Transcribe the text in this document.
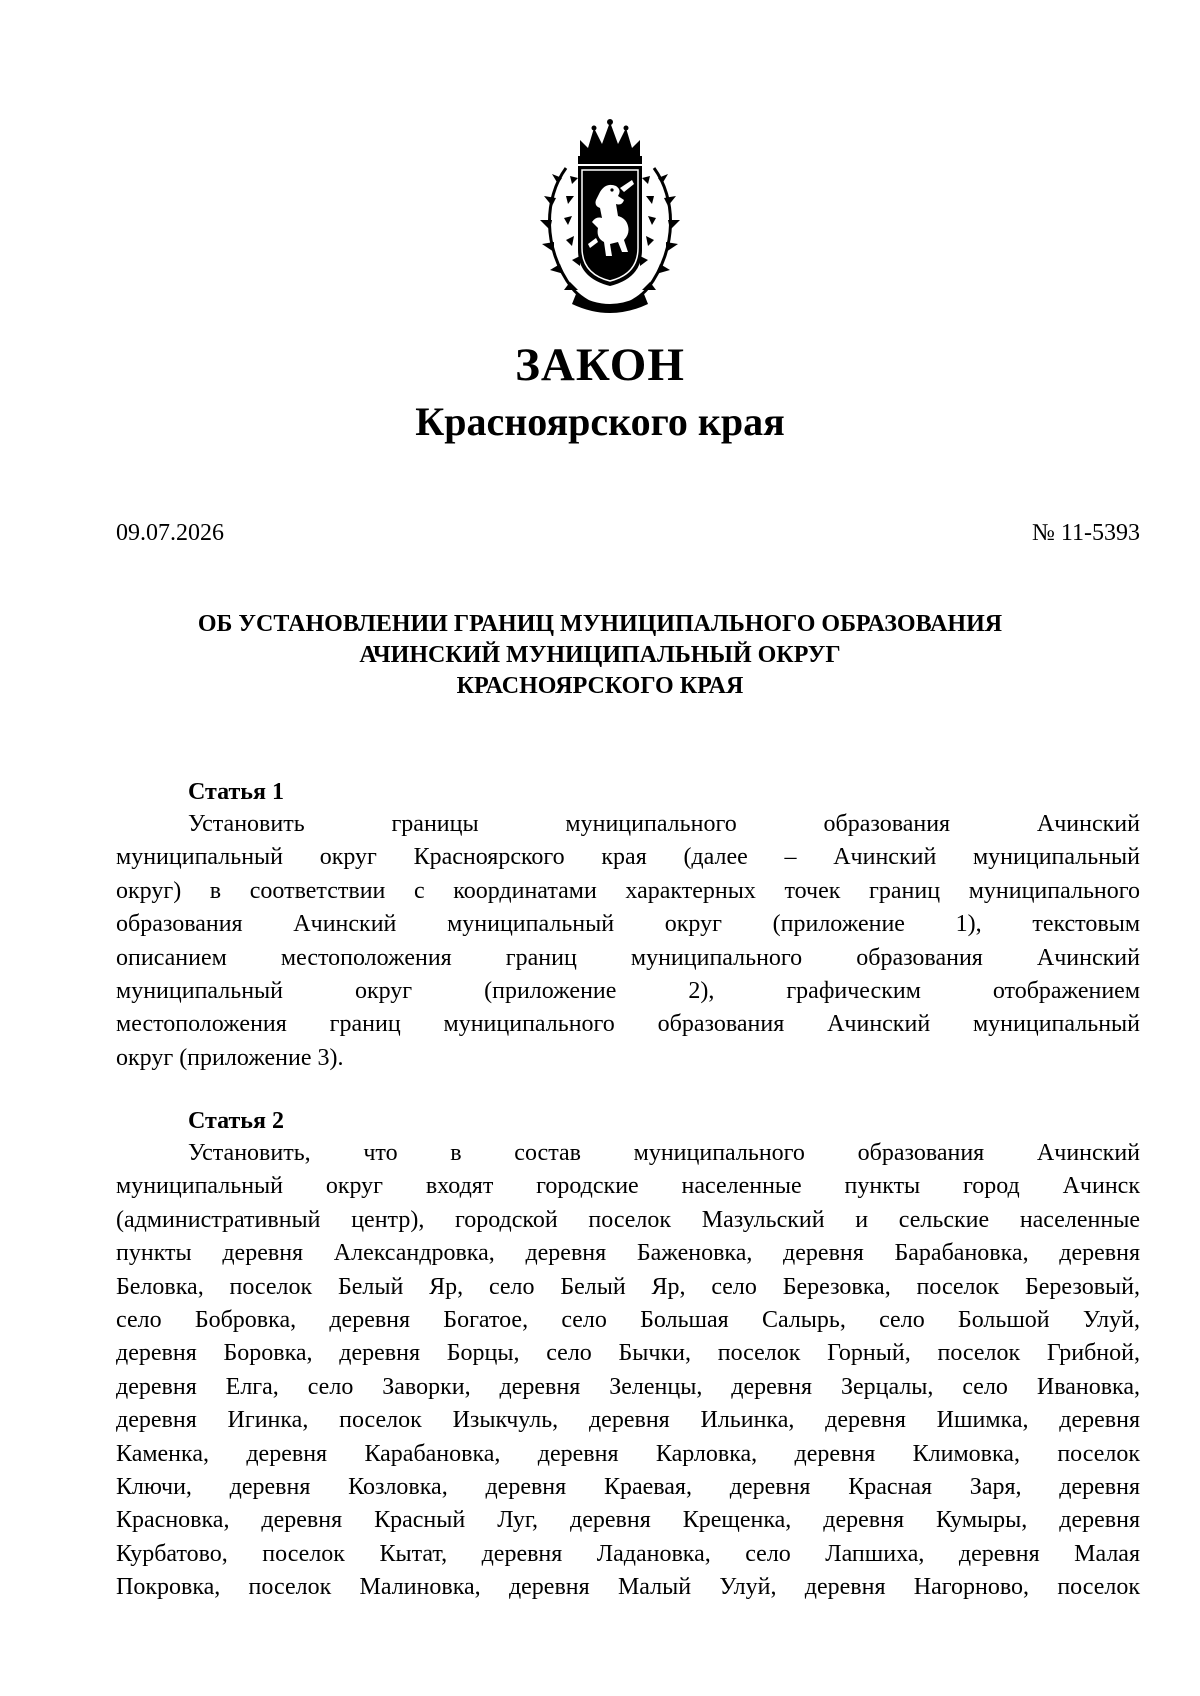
ЗАКОН
Красноярского края
09.07.2026	№ 11-5393
ОБ УСТАНОВЛЕНИИ ГРАНИЦ МУНИЦИПАЛЬНОГО ОБРАЗОВАНИЯ
АЧИНСКИЙ МУНИЦИПАЛЬНЫЙ ОКРУГ
КРАСНОЯРСКОГО КРАЯ
Статья 1
Установить границы муниципального образования Ачинский
муниципальный округ Красноярского края (далее – Ачинский муниципальный
округ) в соответствии с координатами характерных точек границ муниципального
образования Ачинский муниципальный округ (приложение 1), текстовым
описанием местоположения границ муниципального образования Ачинский
муниципальный округ (приложение 2), графическим отображением
местоположения границ муниципального образования Ачинский муниципальный
округ (приложение 3).
Статья 2
Установить, что в состав муниципального образования Ачинский
муниципальный округ входят городские населенные пункты город Ачинск
(административный центр), городской поселок Мазульский и сельские населенные
пункты деревня Александровка, деревня Баженовка, деревня Барабановка, деревня
Беловка, поселок Белый Яр, село Белый Яр, село Березовка, поселок Березовый,
село Бобровка, деревня Богатое, село Большая Салырь, село Большой Улуй,
деревня Боровка, деревня Борцы, село Бычки, поселок Горный, поселок Грибной,
деревня Елга, село Заворки, деревня Зеленцы, деревня Зерцалы, село Ивановка,
деревня Игинка, поселок Изыкчуль, деревня Ильинка, деревня Ишимка, деревня
Каменка, деревня Карабановка, деревня Карловка, деревня Климовка, поселок
Ключи, деревня Козловка, деревня Краевая, деревня Красная Заря, деревня
Красновка, деревня Красный Луг, деревня Крещенка, деревня Кумыры, деревня
Курбатово, поселок Кытат, деревня Ладановка, село Лапшиха, деревня Малая
Покровка, поселок Малиновка, деревня Малый Улуй, деревня Нагорново, поселок
